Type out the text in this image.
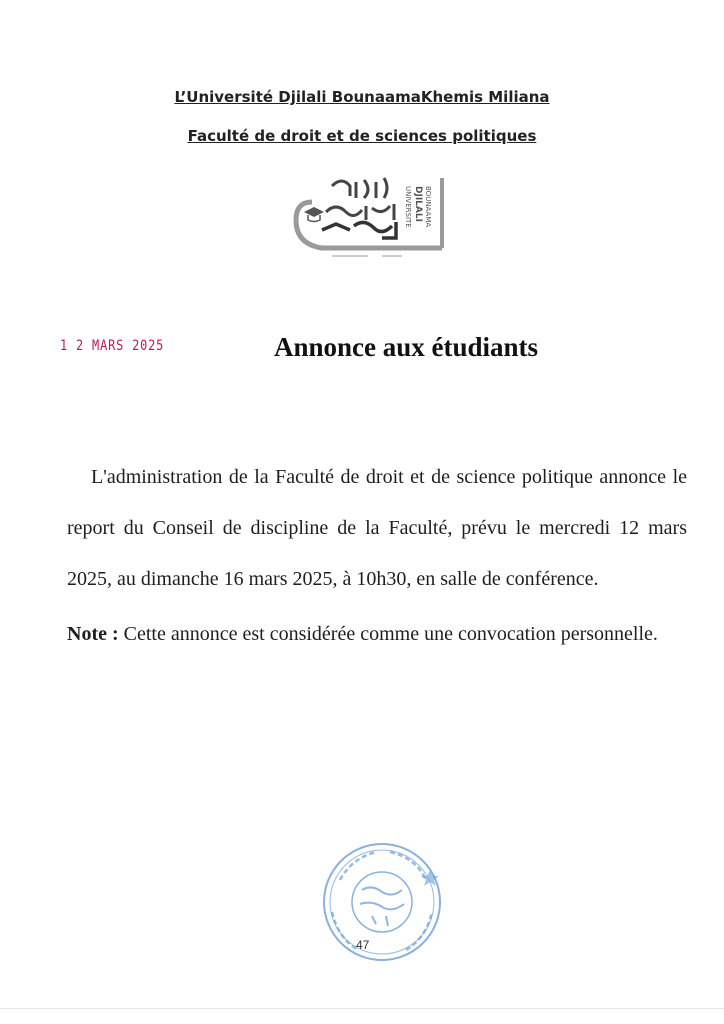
L’Université Djilali BounaamaKhemis Miliana
Faculté de droit et de sciences politiques
UNIVERSITE DJILALI BOUNAAMA
1 2 MARS 2025	Annonce aux étudiants

L'administration de la Faculté de droit et de science politique annonce le report du Conseil de discipline de la Faculté, prévu le mercredi 12 mars 2025, au dimanche 16 mars 2025, à 10h30, en salle de conférence.

Note : Cette annonce est considérée comme une convocation personnelle.

47
